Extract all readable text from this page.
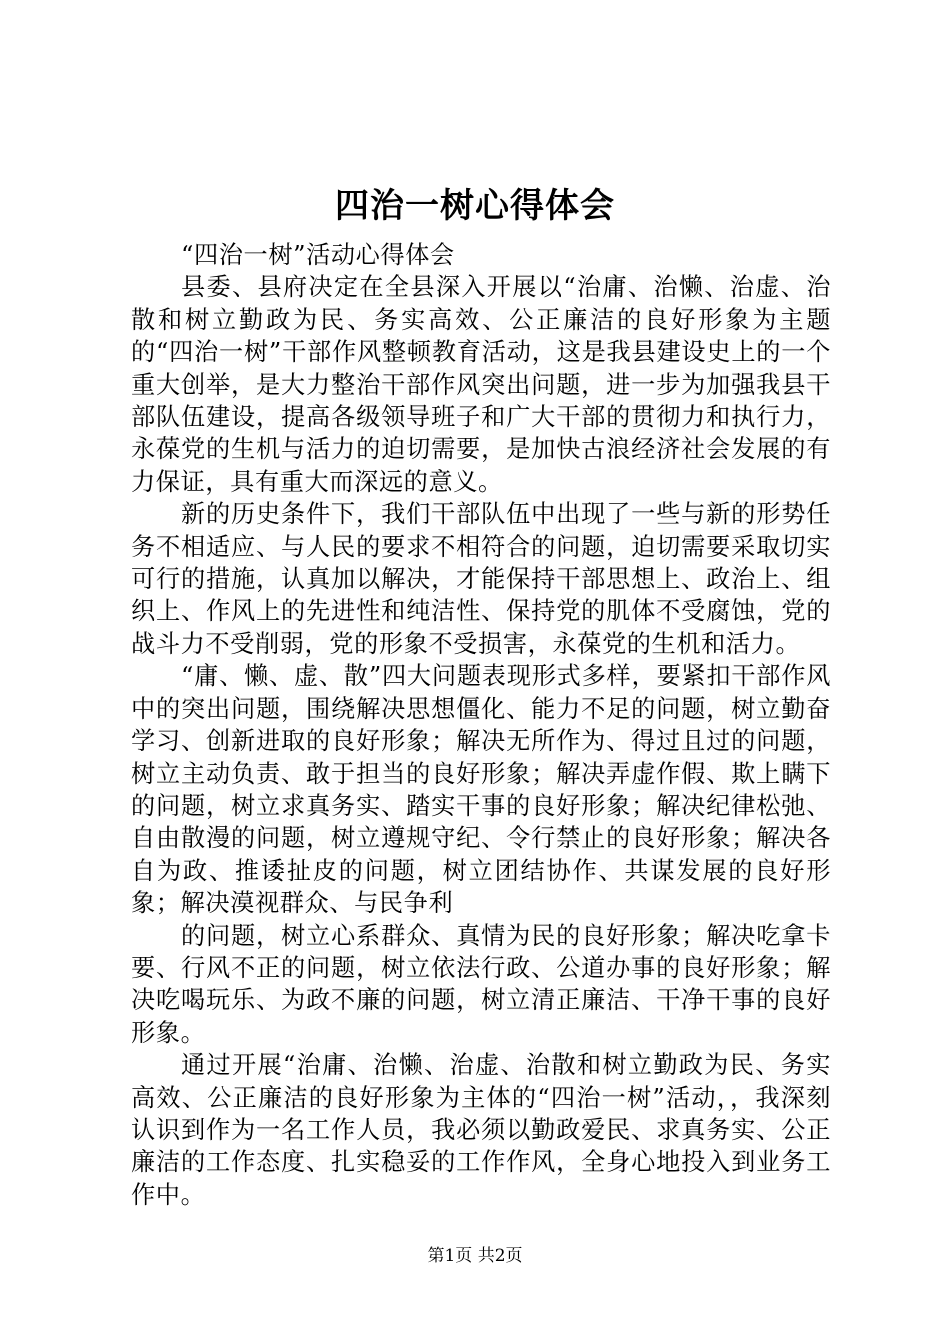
四治一树心得体会

“四治一树”活动心得体会

县委、县府决定在全县深入开展以“治庸、治懒、治虚、治散和树立勤政为民、务实高效、公正廉洁的良好形象为主题的“四治一树”干部作风整顿教育活动，这是我县建设史上的一个重大创举，是大力整治干部作风突出问题，进一步为加强我县干部队伍建设，提高各级领导班子和广大干部的贯彻力和执行力，永葆党的生机与活力的迫切需要，是加快古浪经济社会发展的有力保证，具有重大而深远的意义。

新的历史条件下，我们干部队伍中出现了一些与新的形势任务不相适应、与人民的要求不相符合的问题，迫切需要采取切实可行的措施，认真加以解决，才能保持干部思想上、政治上、组织上、作风上的先进性和纯洁性、保持党的肌体不受腐蚀，党的战斗力不受削弱，党的形象不受损害，永葆党的生机和活力。

“庸、懒、虚、散”四大问题表现形式多样，要紧扣干部作风中的突出问题，围绕解决思想僵化、能力不足的问题，树立勤奋学习、创新进取的良好形象；解决无所作为、得过且过的问题，树立主动负责、敢于担当的良好形象；解决弄虚作假、欺上瞒下的问题，树立求真务实、踏实干事的良好形象；解决纪律松弛、自由散漫的问题，树立遵规守纪、令行禁止的良好形象；解决各自为政、推诿扯皮的问题，树立团结协作、共谋发展的良好形象；解决漠视群众、与民争利

的问题，树立心系群众、真情为民的良好形象；解决吃拿卡要、行风不正的问题，树立依法行政、公道办事的良好形象；解决吃喝玩乐、为政不廉的问题，树立清正廉洁、干净干事的良好形象。

通过开展“治庸、治懒、治虚、治散和树立勤政为民、务实高效、公正廉洁的良好形象为主体的“四治一树”活动，，我深刻认识到作为一名工作人员，我必须以勤政爱民、求真务实、公正廉洁的工作态度、扎实稳妥的工作作风，全身心地投入到业务工作中。

第1页 共2页
